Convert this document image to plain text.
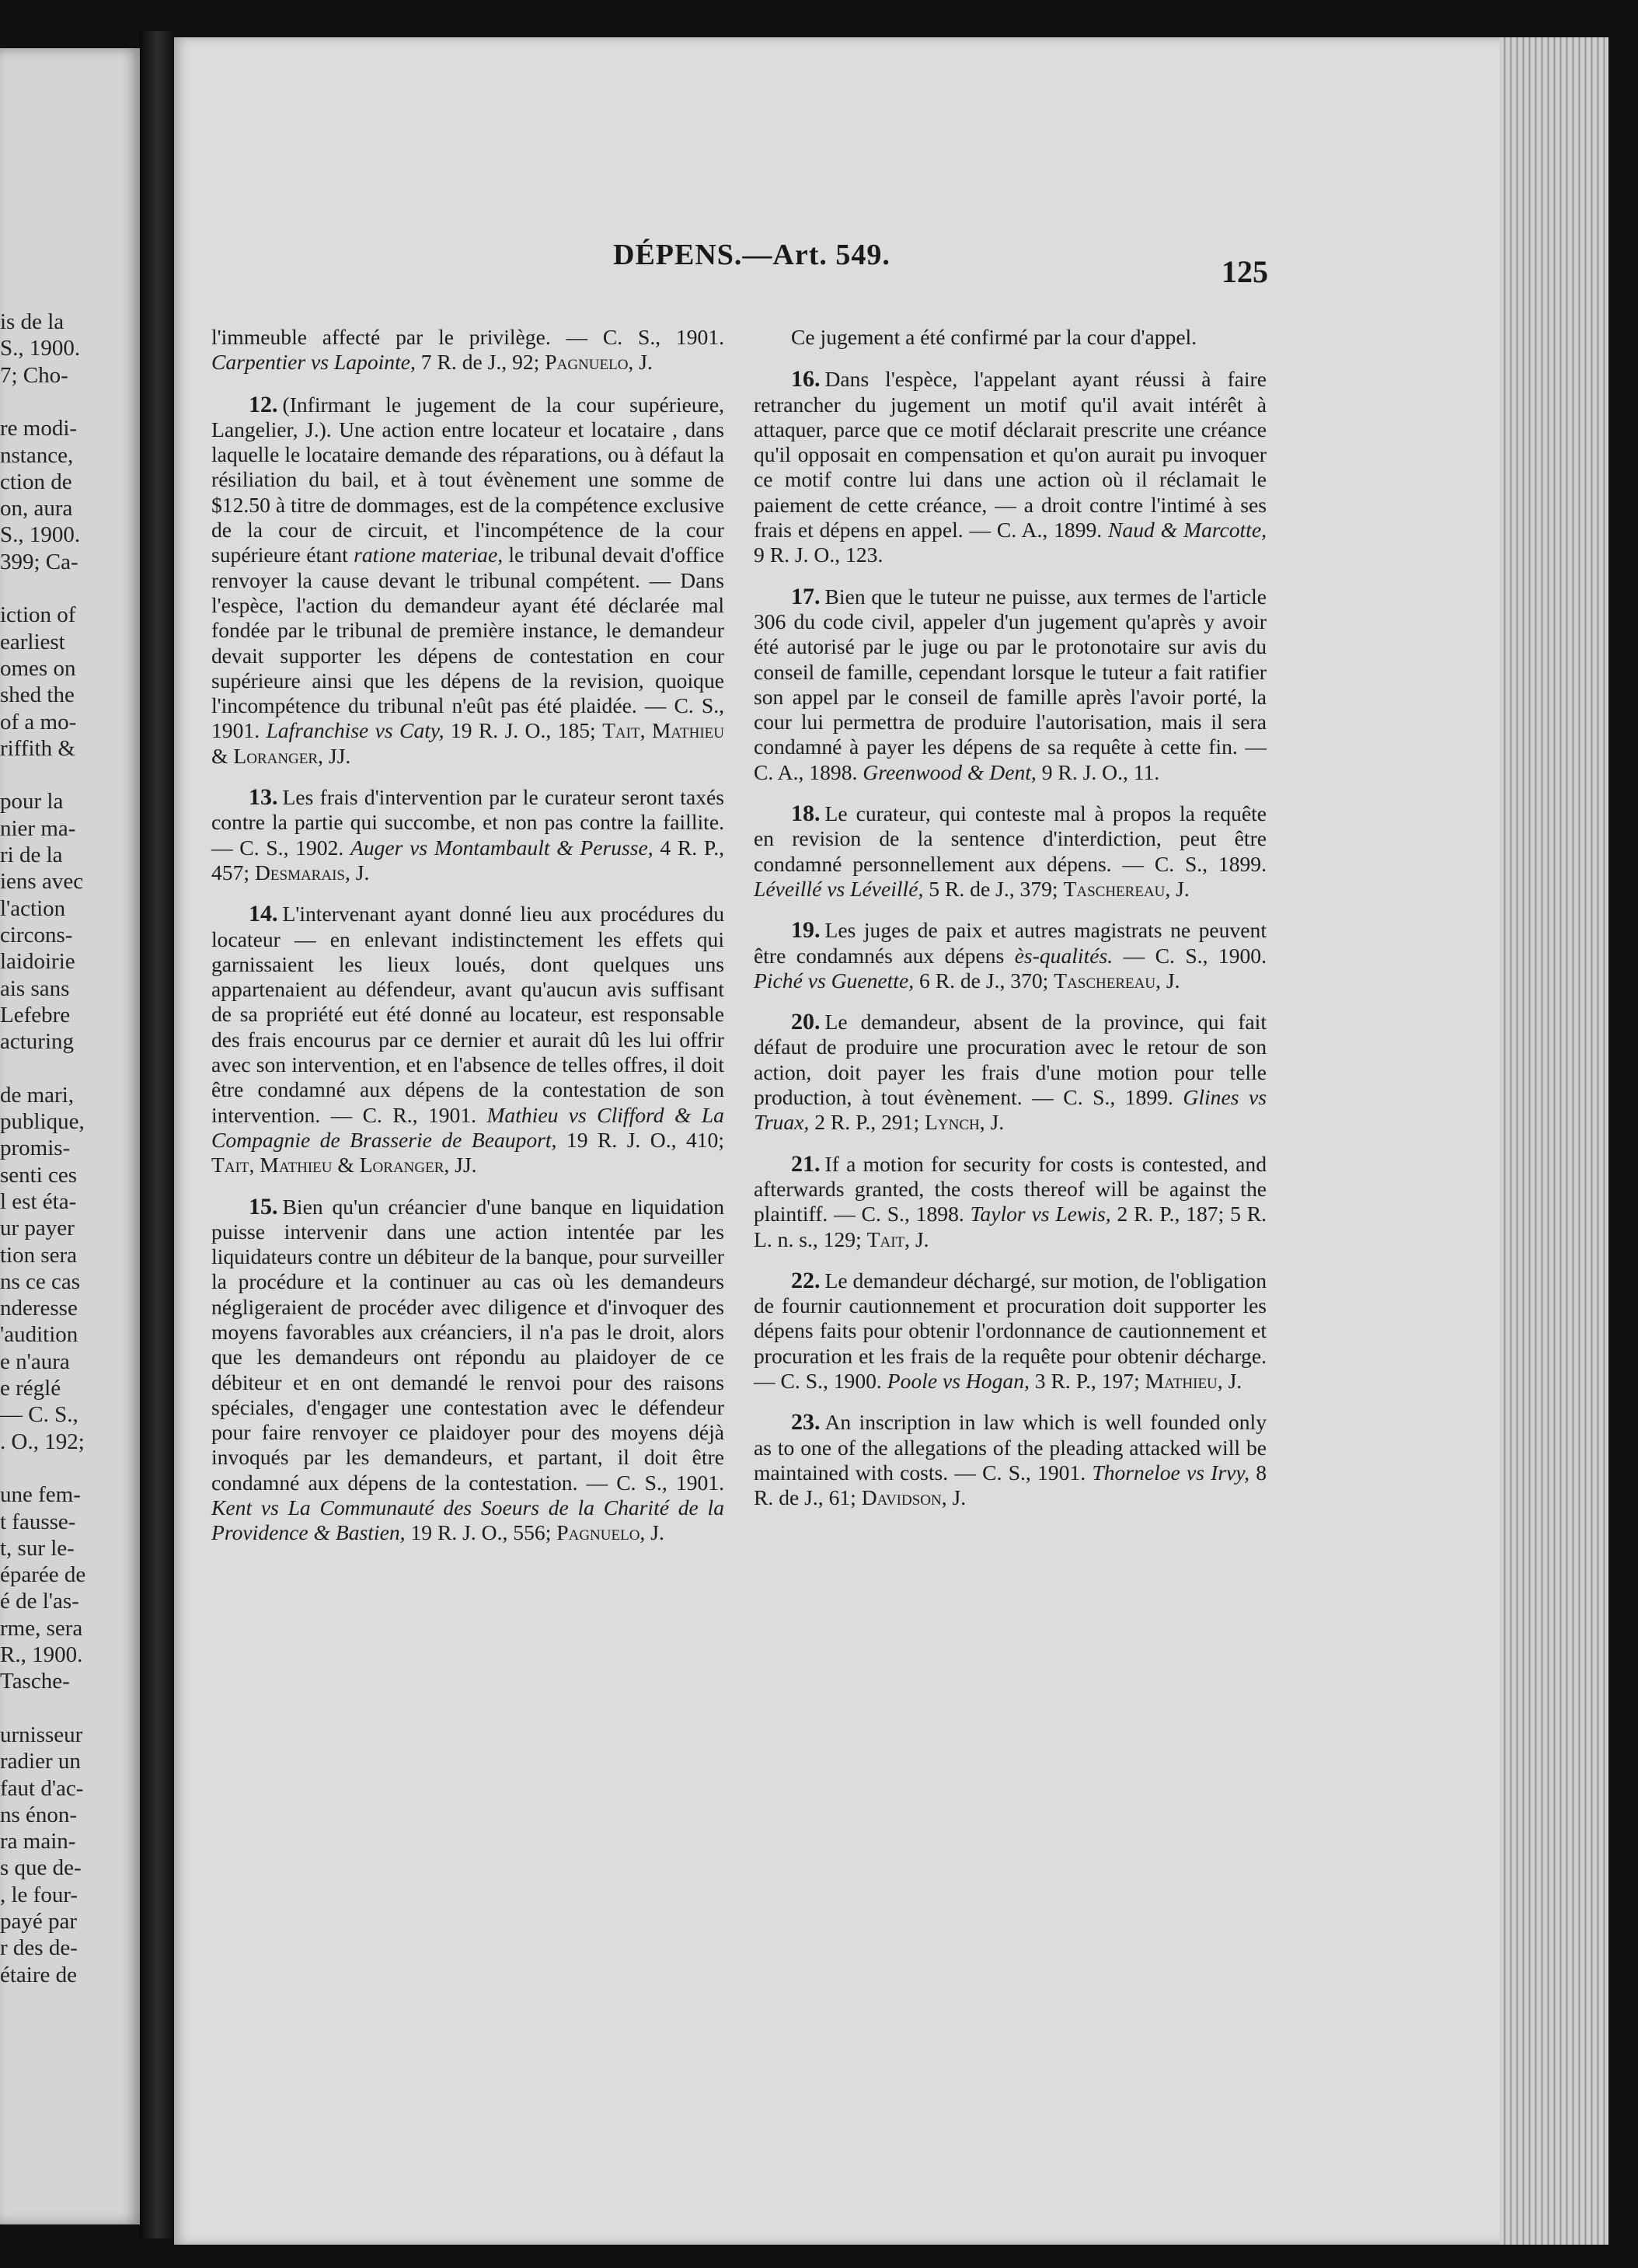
is de la
S., 1900.
7; Cho-
re modi-
nstance,
ction de
on, aura
S., 1900.
399; Ca-
iction of
earliest
omes on
shed the
of a mo-
riffith &
pour la
nier ma-
ri de la
iens avec
l'action
circons-
laidoirie
ais sans
Lefebre
acturing
de mari,
publique,
promis-
senti ces
l est éta-
ur payer
tion sera
ns ce cas
nderesse
'audition
e n'aura
e réglé
— C. S.,
. O., 192;
une fem-
t fausse-
t, sur le-
éparée de
é de l'as-
rme, sera
R., 1900.
Tasche-
urnisseur
radier un
faut d'ac-
ns énon-
ra main-
s que de-
, le four-
payé par
r des de-
étaire de
DÉPENS.—Art. 549.	125

l'immeuble affecté par le privilège. — C. S., 1901. Carpentier vs Lapointe, 7 R. de J., 92; Pagnuelo, J.

12. (Infirmant le jugement de la cour supérieure, Langelier, J.). Une action entre locateur et locataire , dans laquelle le locataire demande des réparations, ou à défaut la résiliation du bail, et à tout évènement une somme de $12.50 à titre de dommages, est de la compétence exclusive de la cour de circuit, et l'incompétence de la cour supérieure étant ratione materiae, le tribunal devait d'office renvoyer la cause devant le tribunal compétent. — Dans l'espèce, l'action du demandeur ayant été déclarée mal fondée par le tribunal de première instance, le demandeur devait supporter les dépens de contestation en cour supérieure ainsi que les dépens de la revision, quoique l'incompétence du tribunal n'eût pas été plaidée. — C. S., 1901. Lafranchise vs Caty, 19 R. J. O., 185; Tait, Mathieu & Loranger, JJ.

13. Les frais d'intervention par le curateur seront taxés contre la partie qui succombe, et non pas contre la faillite.— C. S., 1902. Auger vs Montambault & Perusse, 4 R. P., 457; Desmarais, J.

14. L'intervenant ayant donné lieu aux procédures du locateur — en enlevant indistinctement les effets qui garnissaient les lieux loués, dont quelques uns appartenaient au défendeur, avant qu'aucun avis suffisant de sa propriété eut été donné au locateur, est responsable des frais encourus par ce dernier et aurait dû les lui offrir avec son intervention, et en l'absence de telles offres, il doit être condamné aux dépens de la contestation de son intervention. — C. R., 1901. Mathieu vs Clifford & La Compagnie de Brasserie de Beauport, 19 R. J. O., 410; Tait, Mathieu & Loranger, JJ.

15. Bien qu'un créancier d'une banque en liquidation puisse intervenir dans une action intentée par les liquidateurs contre un débiteur de la banque, pour surveiller la procédure et la continuer au cas où les demandeurs négligeraient de procéder avec diligence et d'invoquer des moyens favorables aux créanciers, il n'a pas le droit, alors que les demandeurs ont répondu au plaidoyer de ce débiteur et en ont demandé le renvoi pour des raisons spéciales, d'engager une contestation avec le défendeur pour faire renvoyer ce plaidoyer pour des moyens déjà invoqués par les demandeurs, et partant, il doit être condamné aux dépens de la contestation. — C. S., 1901. Kent vs La Communauté des Soeurs de la Charité de la Providence & Bastien, 19 R. J. O., 556; Pagnuelo, J.

Ce jugement a été confirmé par la cour d'appel.

16. Dans l'espèce, l'appelant ayant réussi à faire retrancher du jugement un motif qu'il avait intérêt à attaquer, parce que ce motif déclarait prescrite une créance qu'il opposait en compensation et qu'on aurait pu invoquer ce motif contre lui dans une action où il réclamait le paiement de cette créance, — a droit contre l'intimé à ses frais et dépens en appel. — C. A., 1899. Naud & Marcotte, 9 R. J. O., 123.

17. Bien que le tuteur ne puisse, aux termes de l'article 306 du code civil, appeler d'un jugement qu'après y avoir été autorisé par le juge ou par le protonotaire sur avis du conseil de famille, cependant lorsque le tuteur a fait ratifier son appel par le conseil de famille après l'avoir porté, la cour lui permettra de produire l'autorisation, mais il sera condamné à payer les dépens de sa requête à cette fin. — C. A., 1898. Greenwood & Dent, 9 R. J. O., 11.

18. Le curateur, qui conteste mal à propos la requête en revision de la sentence d'interdiction, peut être condamné personnellement aux dépens. — C. S., 1899. Léveillé vs Léveillé, 5 R. de J., 379; Taschereau, J.

19. Les juges de paix et autres magistrats ne peuvent être condamnés aux dépens ès-qualités. — C. S., 1900. Piché vs Guenette, 6 R. de J., 370; Taschereau, J.

20. Le demandeur, absent de la province, qui fait défaut de produire une procuration avec le retour de son action, doit payer les frais d'une motion pour telle production, à tout évènement. — C. S., 1899. Glines vs Truax, 2 R. P., 291; Lynch, J.

21. If a motion for security for costs is contested, and afterwards granted, the costs thereof will be against the plaintiff. — C. S., 1898. Taylor vs Lewis, 2 R. P., 187; 5 R. L. n. s., 129; Tait, J.

22. Le demandeur déchargé, sur motion, de l'obligation de fournir cautionnement et procuration doit supporter les dépens faits pour obtenir l'ordonnance de cautionnement et procuration et les frais de la requête pour obtenir décharge. — C. S., 1900. Poole vs Hogan, 3 R. P., 197; Mathieu, J.

23. An inscription in law which is well founded only as to one of the allegations of the pleading attacked will be maintained with costs. — C. S., 1901. Thorneloe vs Irvy, 8 R. de J., 61; Davidson, J.
